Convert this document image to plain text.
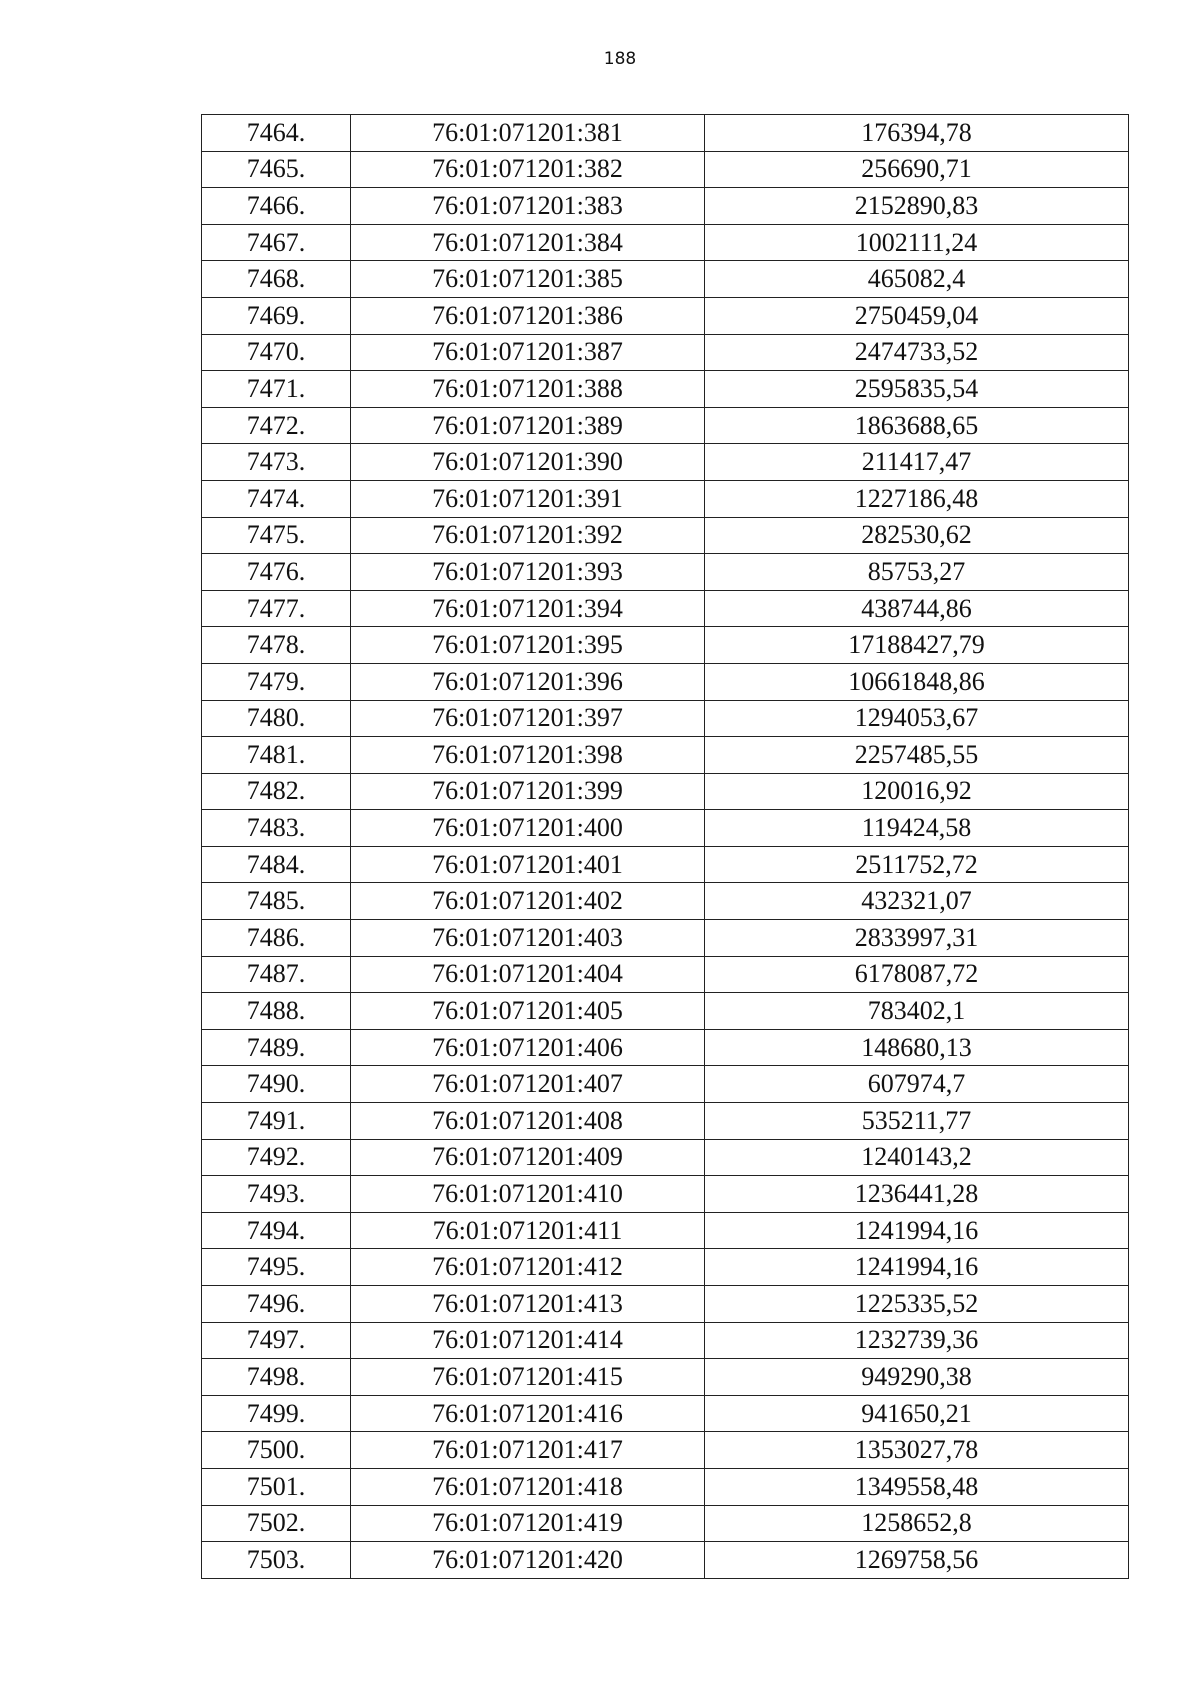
188
7464.	76:01:071201:381	176394,78
7465.	76:01:071201:382	256690,71
7466.	76:01:071201:383	2152890,83
7467.	76:01:071201:384	1002111,24
7468.	76:01:071201:385	465082,4
7469.	76:01:071201:386	2750459,04
7470.	76:01:071201:387	2474733,52
7471.	76:01:071201:388	2595835,54
7472.	76:01:071201:389	1863688,65
7473.	76:01:071201:390	211417,47
7474.	76:01:071201:391	1227186,48
7475.	76:01:071201:392	282530,62
7476.	76:01:071201:393	85753,27
7477.	76:01:071201:394	438744,86
7478.	76:01:071201:395	17188427,79
7479.	76:01:071201:396	10661848,86
7480.	76:01:071201:397	1294053,67
7481.	76:01:071201:398	2257485,55
7482.	76:01:071201:399	120016,92
7483.	76:01:071201:400	119424,58
7484.	76:01:071201:401	2511752,72
7485.	76:01:071201:402	432321,07
7486.	76:01:071201:403	2833997,31
7487.	76:01:071201:404	6178087,72
7488.	76:01:071201:405	783402,1
7489.	76:01:071201:406	148680,13
7490.	76:01:071201:407	607974,7
7491.	76:01:071201:408	535211,77
7492.	76:01:071201:409	1240143,2
7493.	76:01:071201:410	1236441,28
7494.	76:01:071201:411	1241994,16
7495.	76:01:071201:412	1241994,16
7496.	76:01:071201:413	1225335,52
7497.	76:01:071201:414	1232739,36
7498.	76:01:071201:415	949290,38
7499.	76:01:071201:416	941650,21
7500.	76:01:071201:417	1353027,78
7501.	76:01:071201:418	1349558,48
7502.	76:01:071201:419	1258652,8
7503.	76:01:071201:420	1269758,56
